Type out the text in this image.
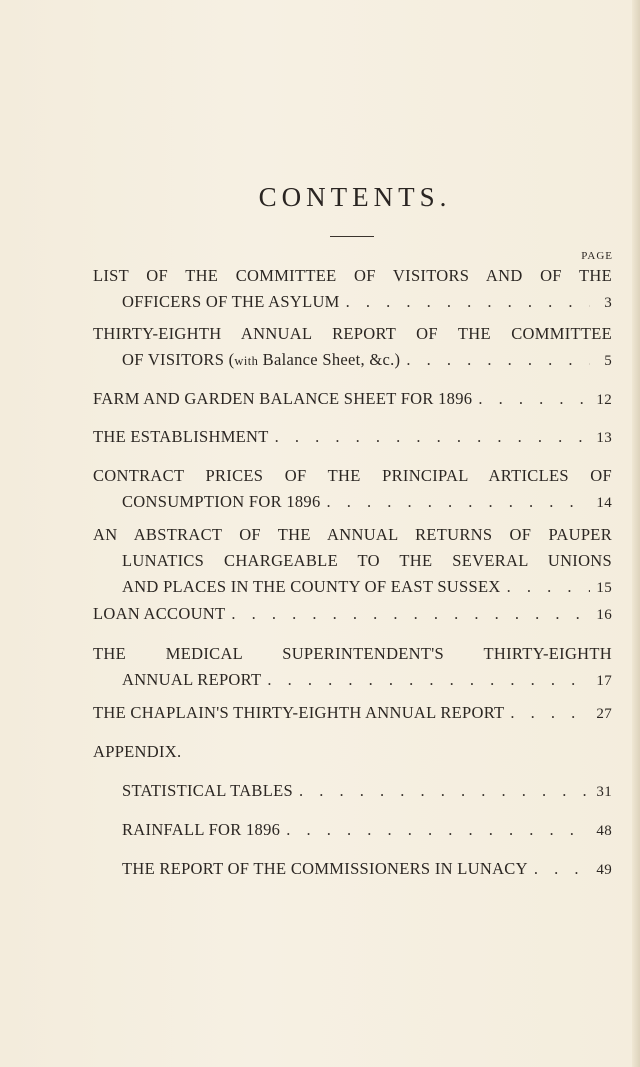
CONTENTS.
PAGE
LIST OF THE COMMITTEE OF VISITORS AND OF THE
OFFICERS OF THE ASYLUM . . .	3
THIRTY-EIGHTH ANNUAL REPORT OF THE COMMITTEE
OF VISITORS (with Balance Sheet, &c.) . . .	5
FARM AND GARDEN BALANCE SHEET FOR 1896 . . .	12
THE ESTABLISHMENT . . .	13
CONTRACT PRICES OF THE PRINCIPAL ARTICLES OF
CONSUMPTION FOR 1896 . . .	14
AN ABSTRACT OF THE ANNUAL RETURNS OF PAUPER
LUNATICS CHARGEABLE TO THE SEVERAL UNIONS
AND PLACES IN THE COUNTY OF EAST SUSSEX . . .	15
LOAN ACCOUNT . . .	16
THE MEDICAL SUPERINTENDENT'S THIRTY-EIGHTH
ANNUAL REPORT . . .	17
THE CHAPLAIN'S THIRTY-EIGHTH ANNUAL REPORT . . .	27
APPENDIX.
STATISTICAL TABLES . . .	31
RAINFALL FOR 1896 . . .	48
THE REPORT OF THE COMMISSIONERS IN LUNACY . . .	49
